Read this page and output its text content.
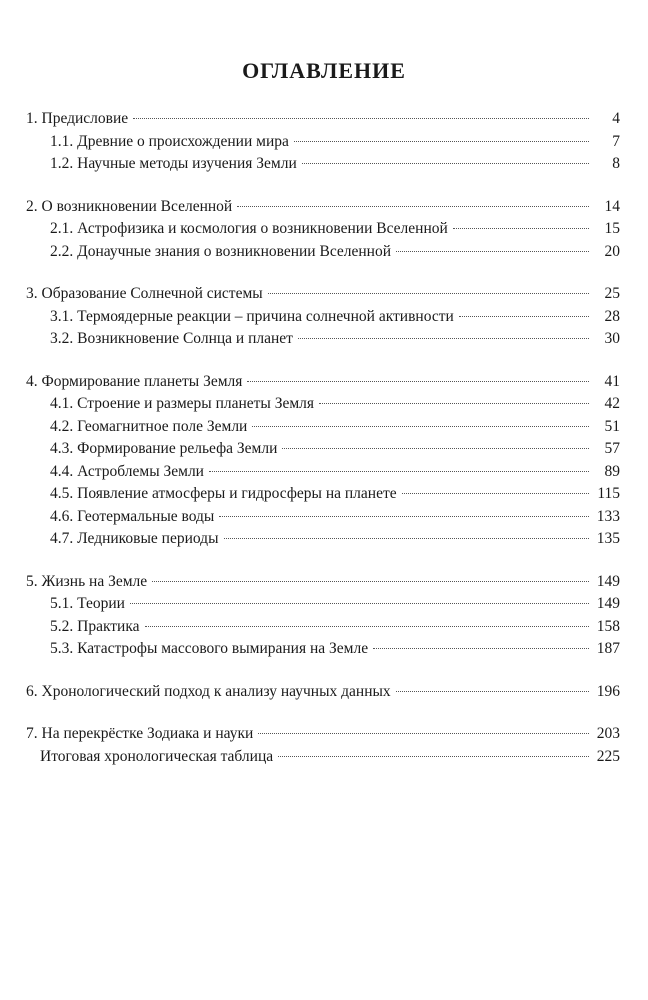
ОГЛАВЛЕНИЕ
1. Предисловие	4
1.1. Древние о происхождении мира	7
1.2. Научные методы изучения Земли	8
2. О возникновении Вселенной	14
2.1. Астрофизика и космология о возникновении Вселенной	15
2.2. Донаучные знания о возникновении Вселенной	20
3. Образование Солнечной системы	25
3.1. Термоядерные реакции – причина солнечной активности	28
3.2. Возникновение Солнца и планет	30
4. Формирование планеты Земля	41
4.1. Строение и размеры планеты Земля	42
4.2. Геомагнитное поле Земли	51
4.3. Формирование рельефа Земли	57
4.4. Астроблемы Земли	89
4.5. Появление атмосферы и гидросферы на планете	115
4.6. Геотермальные воды	133
4.7. Ледниковые периоды	135
5. Жизнь на Земле	149
5.1. Теории	149
5.2. Практика	158
5.3. Катастрофы массового вымирания на Земле	187
6. Хронологический подход к анализу научных данных	196
7. На перекрёстке Зодиака и науки	203
Итоговая хронологическая таблица	225
